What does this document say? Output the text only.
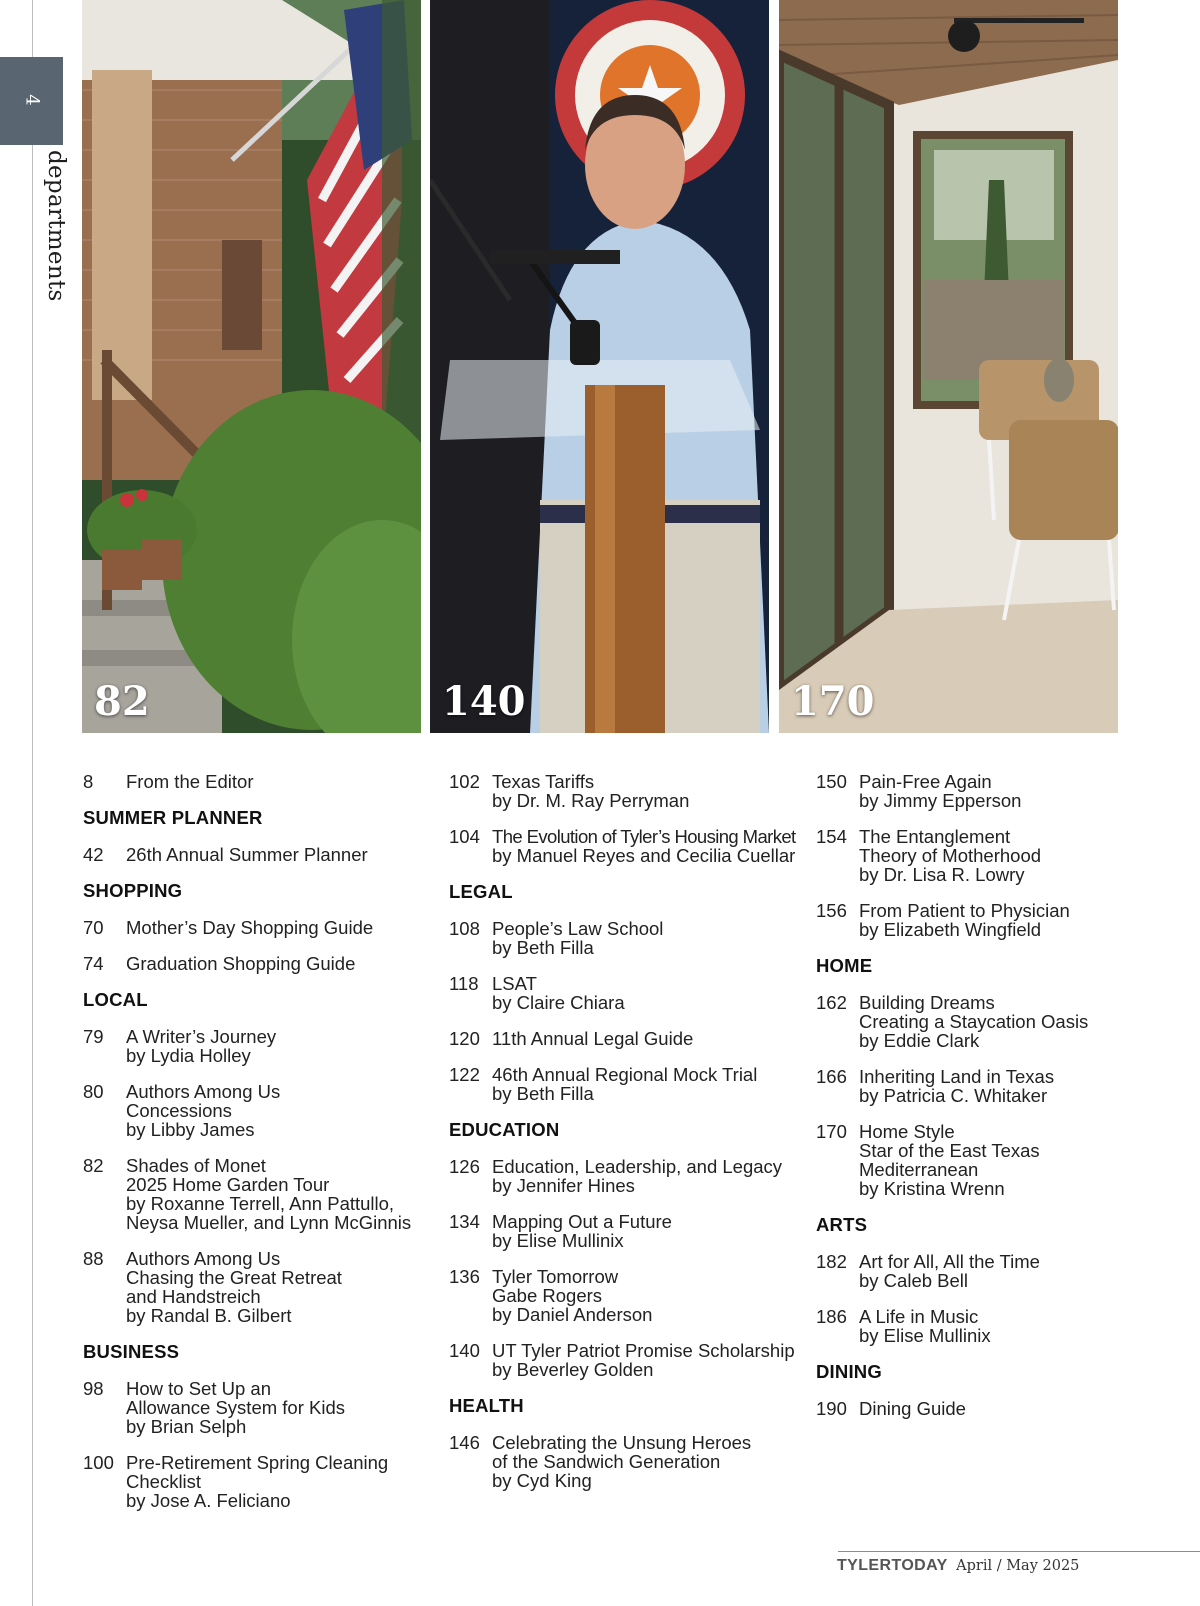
4
departments
82	140	170
8	From the Editor
SUMMER PLANNER
42	26th Annual Summer Planner
SHOPPING
70	Mother’s Day Shopping Guide
74	Graduation Shopping Guide
LOCAL
79	A Writer’s Journey
by Lydia Holley
80	Authors Among Us
Concessions
by Libby James
82	Shades of Monet
2025 Home Garden Tour
by Roxanne Terrell, Ann Pattullo,
Neysa Mueller, and Lynn McGinnis
88	Authors Among Us
Chasing the Great Retreat
and Handstreich
by Randal B. Gilbert
BUSINESS
98	How to Set Up an
Allowance System for Kids
by Brian Selph
100 Pre-Retirement Spring Cleaning
Checklist
by Jose A. Feliciano
102 Texas Tariffs
by Dr. M. Ray Perryman
104 The Evolution of Tyler’s Housing Market
by Manuel Reyes and Cecilia Cuellar
LEGAL
108 People’s Law School
by Beth Filla
118 LSAT
by Claire Chiara
120 11th Annual Legal Guide
122 46th Annual Regional Mock Trial
by Beth Filla
EDUCATION
126 Education, Leadership, and Legacy
by Jennifer Hines
134 Mapping Out a Future
by Elise Mullinix
136 Tyler Tomorrow
Gabe Rogers
by Daniel Anderson
140 UT Tyler Patriot Promise Scholarship
by Beverley Golden
HEALTH
146 Celebrating the Unsung Heroes
of the Sandwich Generation
by Cyd King
150 Pain-Free Again
by Jimmy Epperson
154 The Entanglement
Theory of Motherhood
by Dr. Lisa R. Lowry
156 From Patient to Physician
by Elizabeth Wingfield
HOME
162 Building Dreams
Creating a Staycation Oasis
by Eddie Clark
166 Inheriting Land in Texas
by Patricia C. Whitaker
170 Home Style
Star of the East Texas
Mediterranean
by Kristina Wrenn
ARTS
182 Art for All, All the Time
by Caleb Bell
186 A Life in Music
by Elise Mullinix
DINING
190 Dining Guide
TYLERTODAY April / May 2025
